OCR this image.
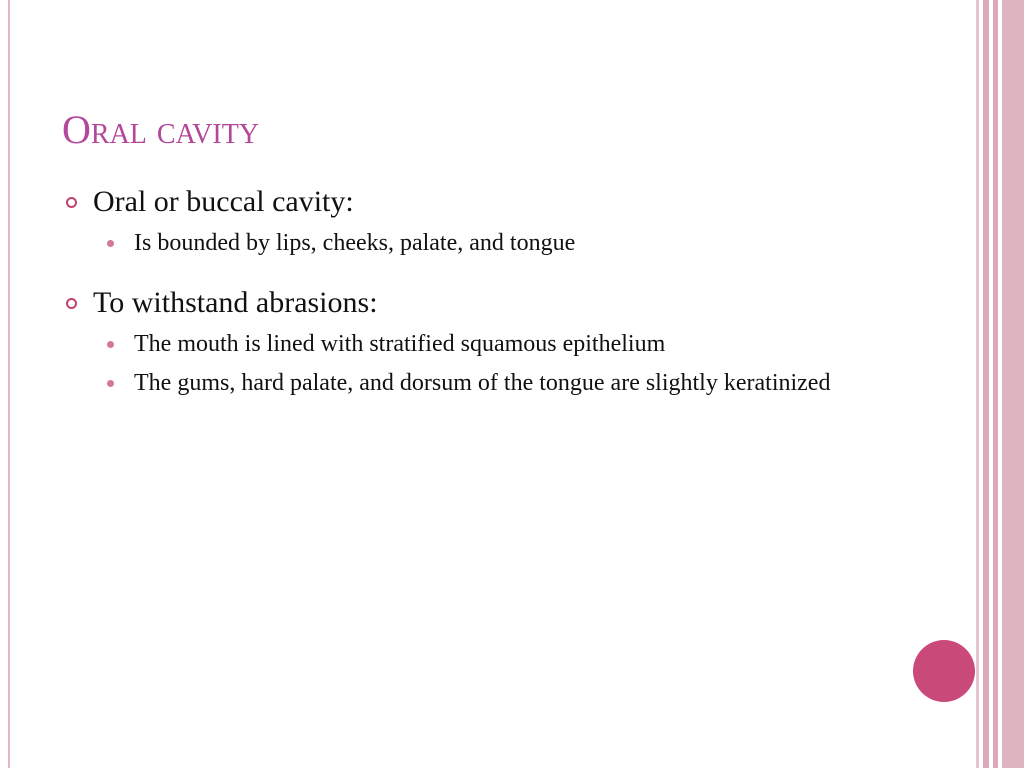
Oral cavity
Oral or buccal cavity:
Is bounded by lips, cheeks, palate, and tongue
To withstand abrasions:
The mouth is lined with stratified squamous epithelium
The gums, hard palate, and dorsum of the tongue are slightly keratinized
